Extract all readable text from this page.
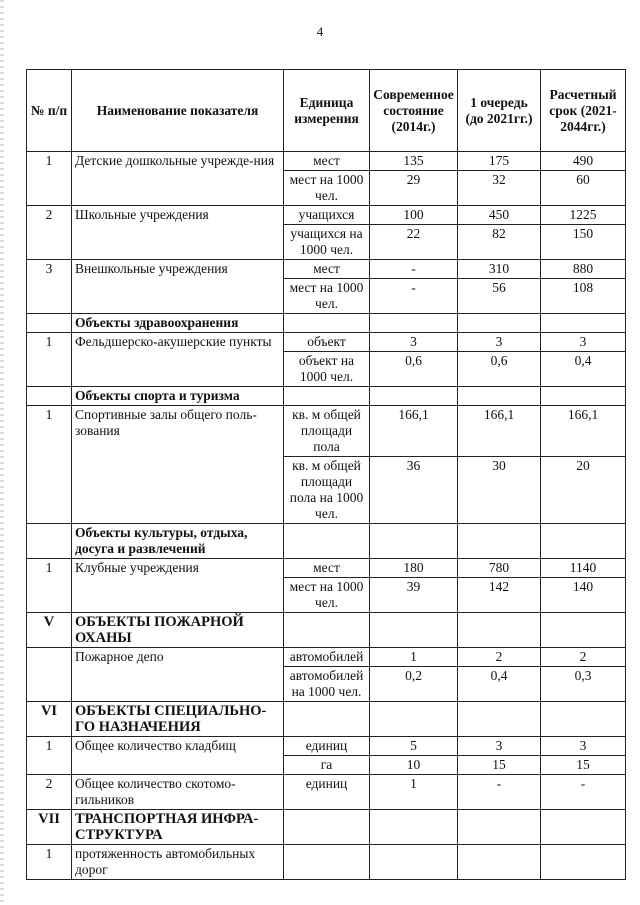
4
№ п/п	Наименование показателя	Единица измерения	Современное состояние (2014г.)	1 очередь (до 2021гг.)	Расчетный срок (2021-2044гг.)
1	Детские дошкольные учрежде-ния	мест	135	175	490
		мест на 1000 чел.	29	32	60
2	Школьные учреждения	учащихся	100	450	1225
		учащихся на 1000 чел.	22	82	150
3	Внешкольные учреждения	мест	-	310	880
		мест на 1000 чел.	-	56	108
	Объекты здравоохранения				
1	Фельдшерско-акушерские пункты	объект	3	3	3
		объект на 1000 чел.	0,6	0,6	0,4
	Объекты спорта и туризма				
1	Спортивные залы общего поль-зования	кв. м общей площади пола	166,1	166,1	166,1
		кв. м общей площади пола на 1000 чел.	36	30	20
	Объекты культуры, отдыха, досуга и развлечений				
1	Клубные учреждения	мест	180	780	1140
		мест на 1000 чел.	39	142	140
V	ОБЪЕКТЫ ПОЖАРНОЙ ОХАНЫ				
	Пожарное депо	автомобилей	1	2	2
		автомобилей на 1000 чел.	0,2	0,4	0,3
VI	ОБЪЕКТЫ СПЕЦИАЛЬНО-ГО НАЗНАЧЕНИЯ				
1	Общее количество кладбищ	единиц	5	3	3
		га	10	15	15
2	Общее количество скотомо-гильников	единиц	1	-	-
VII	ТРАНСПОРТНАЯ ИНФРА-СТРУКТУРА				
1	протяженность автомобильных дорог				
